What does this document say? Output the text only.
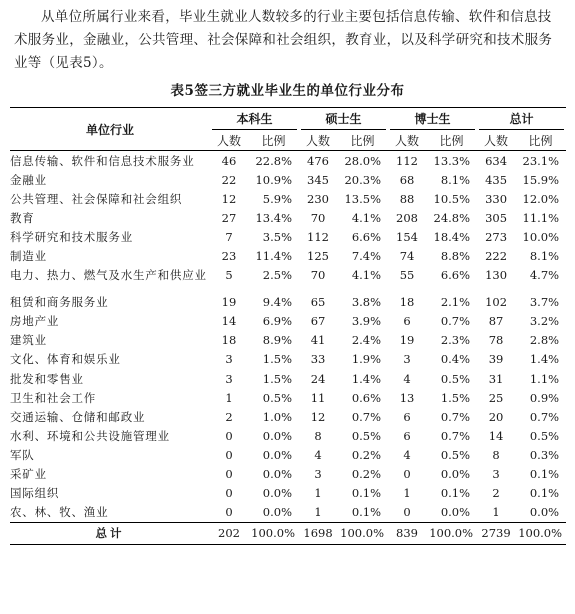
从单位所属行业来看，毕业生就业人数较多的行业主要包括信息传输、软件和信息技术服务业，金融业，公共管理、社会保障和社会组织，教育业，以及科学研究和技术服务业等（见表5）。

表5签三方就业毕业生的单位行业分布
单位行业	本科生		硕士生		博士生		总计	

	人数	比例	人数	比例	人数	比例	人数	比例
信息传输、软件和信息技术服务业	46	22.8%	476	28.0%	112	13.3%	634	23.1%
金融业	22	10.9%	345	20.3%	68	8.1%	435	15.9%
公共管理、社会保障和社会组织	12	5.9%	230	13.5%	88	10.5%	330	12.0%
教育	27	13.4%	70	4.1%	208	24.8%	305	11.1%
科学研究和技术服务业	7	3.5%	112	6.6%	154	18.4%	273	10.0%
制造业	23	11.4%	125	7.4%	74	8.8%	222	8.1%
电力、热力、燃气及水生产和供应业	5	2.5%	70	4.1%	55	6.6%	130	4.7%
租赁和商务服务业	19	9.4%	65	3.8%	18	2.1%	102	3.7%
房地产业	14	6.9%	67	3.9%	6	0.7%	87	3.2%
建筑业	18	8.9%	41	2.4%	19	2.3%	78	2.8%
文化、体育和娱乐业	3	1.5%	33	1.9%	3	0.4%	39	1.4%
批发和零售业	3	1.5%	24	1.4%	4	0.5%	31	1.1%
卫生和社会工作	1	0.5%	11	0.6%	13	1.5%	25	0.9%
交通运输、仓储和邮政业	2	1.0%	12	0.7%	6	0.7%	20	0.7%
水利、环境和公共设施管理业	0	0.0%	8	0.5%	6	0.7%	14	0.5%
军队	0	0.0%	4	0.2%	4	0.5%	8	0.3%
采矿业	0	0.0%	3	0.2%	0	0.0%	3	0.1%
国际组织	0	0.0%	1	0.1%	1	0.1%	2	0.1%
农、林、牧、渔业	0	0.0%	1	0.1%	0	0.0%	1	0.0%
总计	202	100.0%	1698	100.0%	839	100.0%	2739	100.0%
